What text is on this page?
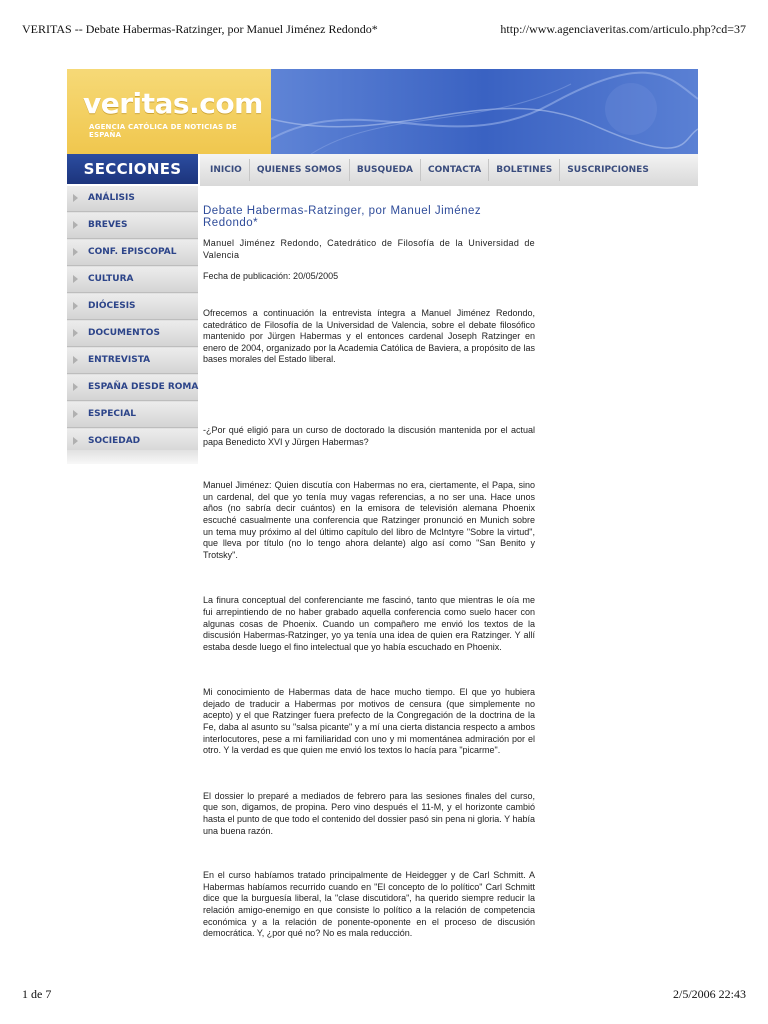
VERITAS -- Debate Habermas-Ratzinger, por Manuel Jiménez Redondo*	http://www.agenciaveritas.com/articulo.php?cd=37
veritas.com
AGENCIA CATÓLICA DE NOTICIAS DE ESPAÑA
SECCIONES	INICIO	QUIENES SOMOS	BUSQUEDA	CONTACTA	BOLETINES	SUSCRIPCIONES
ANÁLISIS
BREVES
CONF. EPISCOPAL
CULTURA
DIÓCESIS
DOCUMENTOS
ENTREVISTA
ESPAÑA DESDE ROMA
ESPECIAL
SOCIEDAD
Debate Habermas-Ratzinger, por Manuel Jiménez Redondo*
Manuel Jiménez Redondo, Catedrático de Filosofía de la Universidad de Valencia
Fecha de publicación: 20/05/2005

Ofrecemos a continuación la entrevista íntegra a Manuel Jiménez Redondo, catedrático de Filosofía de la Universidad de Valencia, sobre el debate filosófico mantenido por Jürgen Habermas y el entonces cardenal Joseph Ratzinger en enero de 2004, organizado por la Academia Católica de Baviera, a propósito de las bases morales del Estado liberal.

-¿Por qué eligió para un curso de doctorado la discusión mantenida por el actual papa Benedicto XVI y Jürgen Habermas?

Manuel Jiménez: Quien discutía con Habermas no era, ciertamente, el Papa, sino un cardenal, del que yo tenía muy vagas referencias, a no ser una. Hace unos años (no sabría decir cuántos) en la emisora de televisión alemana Phoenix escuché casualmente una conferencia que Ratzinger pronunció en Munich sobre un tema muy próximo al del último capítulo del libro de McIntyre "Sobre la virtud", que lleva por título (no lo tengo ahora delante) algo así como "San Benito y Trotsky".

La finura conceptual del conferenciante me fascinó, tanto que mientras le oía me fui arrepintiendo de no haber grabado aquella conferencia como suelo hacer con algunas cosas de Phoenix. Cuando un compañero me envió los textos de la discusión Habermas-Ratzinger, yo ya tenía una idea de quien era Ratzinger. Y allí estaba desde luego el fino intelectual que yo había escuchado en Phoenix.

Mi conocimiento de Habermas data de hace mucho tiempo. El que yo hubiera dejado de traducir a Habermas por motivos de censura (que simplemente no acepto) y el que Ratzinger fuera prefecto de la Congregación de la doctrina de la Fe, daba al asunto su "salsa picante" y a mí una cierta distancia respecto a ambos interlocutores, pese a mi familiaridad con uno y mi momentánea admiración por el otro. Y la verdad es que quien me envió los textos lo hacía para "picarme".

El dossier lo preparé a mediados de febrero para las sesiones finales del curso, que son, digamos, de propina. Pero vino después el 11-M, y el horizonte cambió hasta el punto de que todo el contenido del dossier pasó sin pena ni gloria. Y había una buena razón.

En el curso habíamos tratado principalmente de Heidegger y de Carl Schmitt. A Habermas habíamos recurrido cuando en "El concepto de lo político" Carl Schmitt dice que la burguesía liberal, la "clase discutidora", ha querido siempre reducir la relación amigo-enemigo en que consiste lo político a la relación de competencia económica y a la relación de ponente-oponente en el proceso de discusión democrática. Y, ¿por qué no? No es mala reducción.

1 de 7	2/5/2006 22:43
